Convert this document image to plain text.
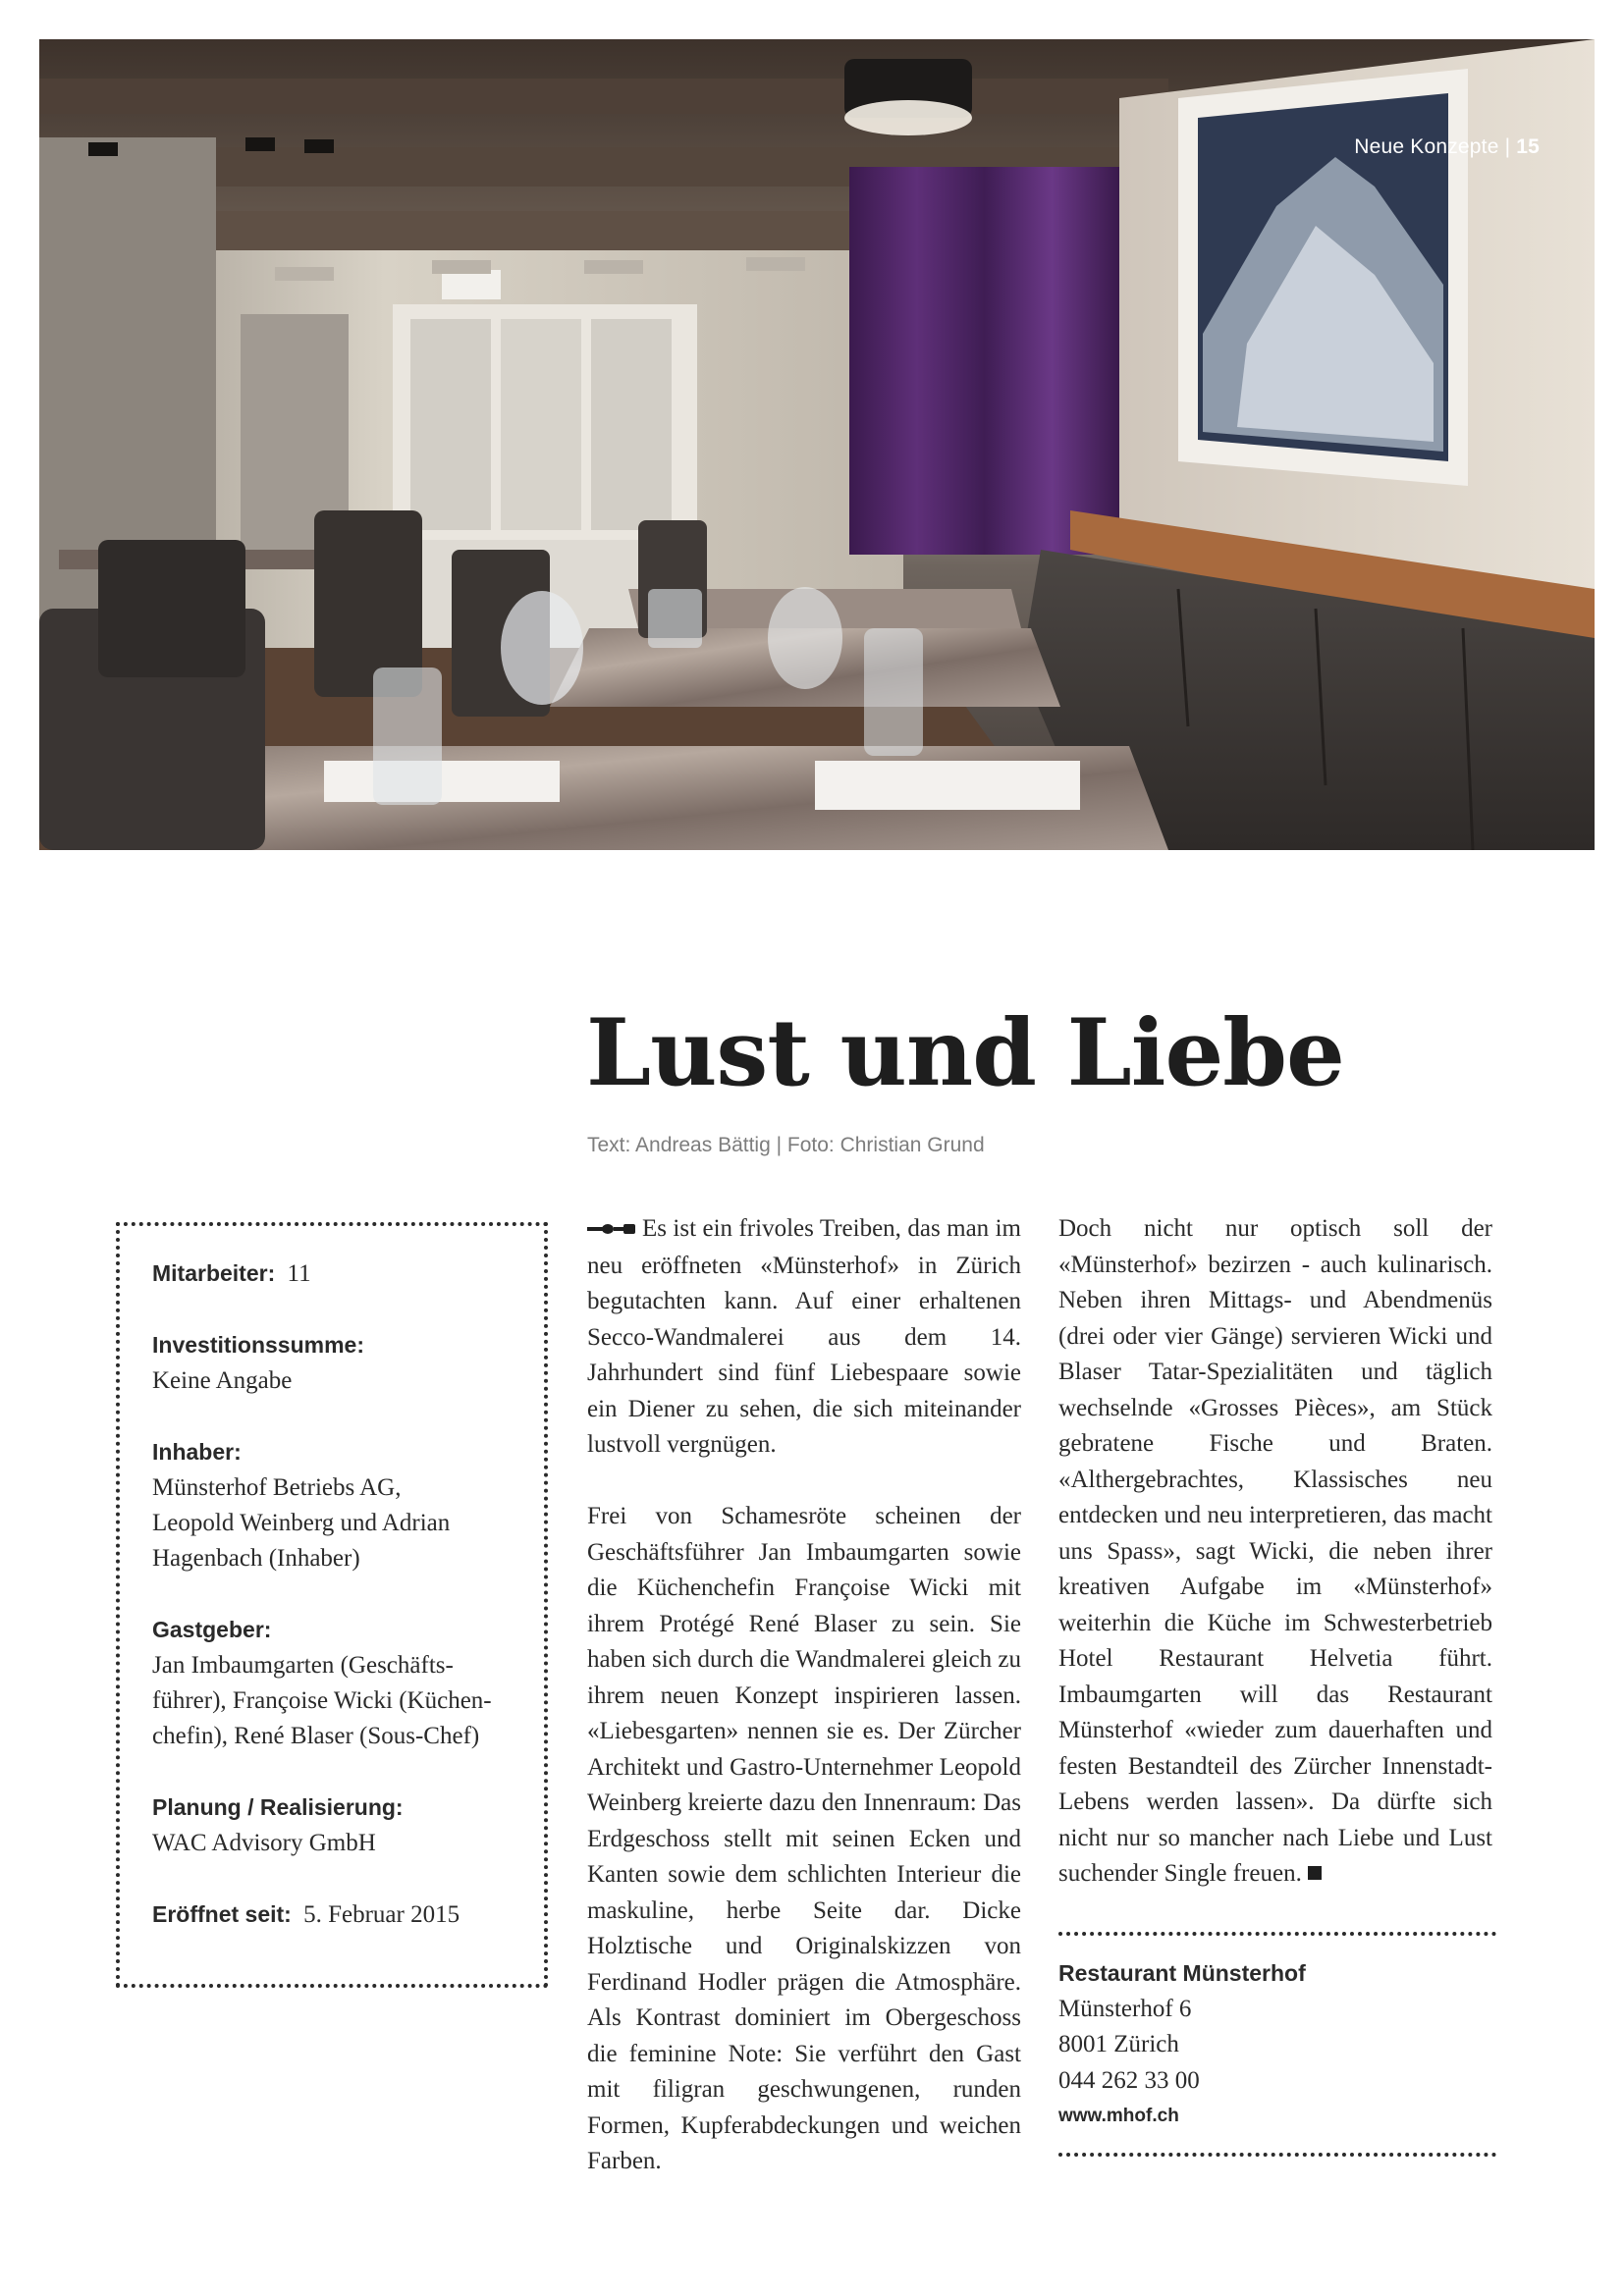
Neue Konzepte | 15
Lust und Liebe
Text: Andreas Bättig | Foto: Christian Grund
Mitarbeiter: 11
Investitionssumme:
Keine Angabe
Inhaber:
Münsterhof Betriebs AG,
Leopold Weinberg und Adrian
Hagenbach (Inhaber)
Gastgeber:
Jan Imbaumgarten (Geschäfts-
führer), Françoise Wicki (Küchen-
chefin), René Blaser (Sous-Chef)
Planung / Realisierung:
WAC Advisory GmbH
Eröffnet seit: 5. Februar 2015

Es ist ein frivoles Treiben, das man im neu eröffneten «Münsterhof» in Zürich begutachten kann. Auf einer erhaltenen Secco-Wandmalerei aus dem 14. Jahrhundert sind fünf Liebespaare sowie ein Diener zu sehen, die sich miteinander lustvoll vergnügen.

Frei von Schamesröte scheinen der Geschäftsführer Jan Imbaumgarten sowie die Küchenchefin Françoise Wicki mit ihrem Protégé René Blaser zu sein. Sie haben sich durch die Wandmalerei gleich zu ihrem neuen Konzept inspirieren lassen. «Liebesgarten» nennen sie es. Der Zürcher Architekt und Gastro-Unternehmer Leopold Weinberg kreierte dazu den Innenraum: Das Erdgeschoss stellt mit seinen Ecken und Kanten sowie dem schlichten Interieur die maskuline, herbe Seite dar. Dicke Holztische und Originalskizzen von Ferdinand Hodler prägen die Atmosphäre. Als Kontrast dominiert im Obergeschoss die feminine Note: Sie verführt den Gast mit filigran geschwungenen, runden Formen, Kupferabdeckungen und weichen Farben.

Doch nicht nur optisch soll der «Münsterhof» bezirzen - auch kulinarisch. Neben ihren Mittags- und Abendmenüs (drei oder vier Gänge) servieren Wicki und Blaser Tatar-Spezialitäten und täglich wechselnde «Grosses Pièces», am Stück gebratene Fische und Braten. «Althergebrachtes, Klassisches neu entdecken und neu interpretieren, das macht uns Spass», sagt Wicki, die neben ihrer kreativen Aufgabe im «Münsterhof» weiterhin die Küche im Schwesterbetrieb Hotel Restaurant Helvetia führt. Imbaumgarten will das Restaurant Münsterhof «wieder zum dauerhaften und festen Bestandteil des Zürcher Innenstadt-Lebens werden lassen». Da dürfte sich nicht nur so mancher nach Liebe und Lust suchender Single freuen.

Restaurant Münsterhof
Münsterhof 6
8001 Zürich
044 262 33 00
www.mhof.ch
